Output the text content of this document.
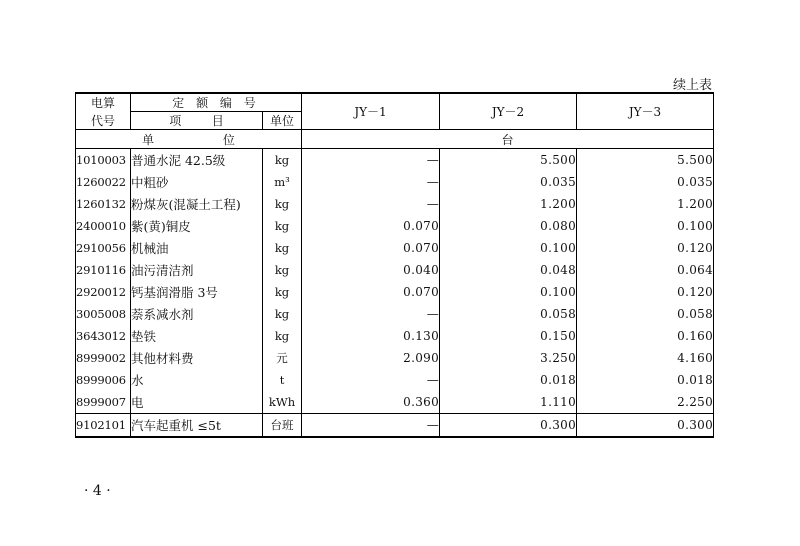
续上表
电算	定 额 编 号		JY－1	JY－2	JY－3
代号	项        目	单位			
单                  位			台		
1010003	普通水泥 42.5级	kg	—	5.500	5.500
1260022	中粗砂	m³	—	0.035	0.035
1260132	粉煤灰(混凝土工程)	kg	—	1.200	1.200
2400010	紫(黄)铜皮	kg	0.070	0.080	0.100
2910056	机械油	kg	0.070	0.100	0.120
2910116	油污清洁剂	kg	0.040	0.048	0.064
2920012	钙基润滑脂 3号	kg	0.070	0.100	0.120
3005008	萘系减水剂	kg	—	0.058	0.058
3643012	垫铁	kg	0.130	0.150	0.160
8999002	其他材料费	元	2.090	3.250	4.160
8999006	水	t	—	0.018	0.018
8999007	电	kWh	0.360	1.110	2.250
9102101	汽车起重机 ≤5t	台班	—	0.300	0.300
· 4 ·
